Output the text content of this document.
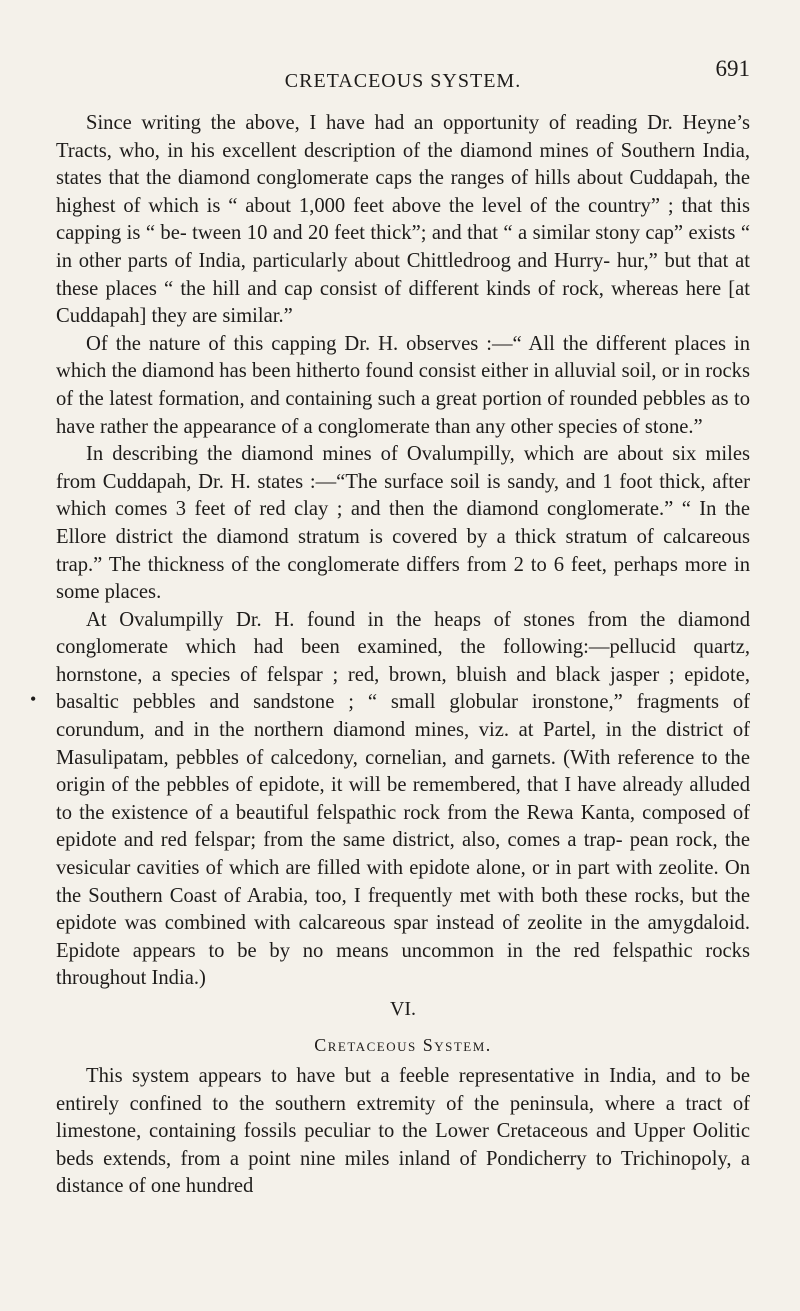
CRETACEOUS SYSTEM.	691
•

Since writing the above, I have had an opportunity of reading Dr. Heyne’s Tracts, who, in his excellent description of the diamond mines of Southern India, states that the diamond conglomerate caps the ranges of hills about Cuddapah, the highest of which is “ about 1,000 feet above the level of the country” ; that this capping is “ be- tween 10 and 20 feet thick”; and that “ a similar stony cap” exists “ in other parts of India, particularly about Chittledroog and Hurry- hur,” but that at these places “ the hill and cap consist of different kinds of rock, whereas here [at Cuddapah] they are similar.”

Of the nature of this capping Dr. H. observes :—“ All the different places in which the diamond has been hitherto found consist either in alluvial soil, or in rocks of the latest formation, and containing such a great portion of rounded pebbles as to have rather the appearance of a conglomerate than any other species of stone.”

In describing the diamond mines of Ovalumpilly, which are about six miles from Cuddapah, Dr. H. states :—“The surface soil is sandy, and 1 foot thick, after which comes 3 feet of red clay ; and then the diamond conglomerate.” “ In the Ellore district the diamond stratum is covered by a thick stratum of calcareous trap.” The thickness of the conglomerate differs from 2 to 6 feet, perhaps more in some places.

At Ovalumpilly Dr. H. found in the heaps of stones from the diamond conglomerate which had been examined, the following:—pellucid quartz, hornstone, a species of felspar ; red, brown, bluish and black jasper ; epidote, basaltic pebbles and sandstone ; “ small globular ironstone,” fragments of corundum, and in the northern diamond mines, viz. at Partel, in the district of Masulipatam, pebbles of calcedony, cornelian, and garnets. (With reference to the origin of the pebbles of epidote, it will be remembered, that I have already alluded to the existence of a beautiful felspathic rock from the Rewa Kanta, composed of epidote and red felspar; from the same district, also, comes a trap- pean rock, the vesicular cavities of which are filled with epidote alone, or in part with zeolite. On the Southern Coast of Arabia, too, I frequently met with both these rocks, but the epidote was combined with calcareous spar instead of zeolite in the amygdaloid. Epidote appears to be by no means uncommon in the red felspathic rocks throughout India.)

VI.
Cretaceous System.

This system appears to have but a feeble representative in India, and to be entirely confined to the southern extremity of the peninsula, where a tract of limestone, containing fossils peculiar to the Lower Cretaceous and Upper Oolitic beds extends, from a point nine miles inland of Pondicherry to Trichinopoly, a distance of one hundred
